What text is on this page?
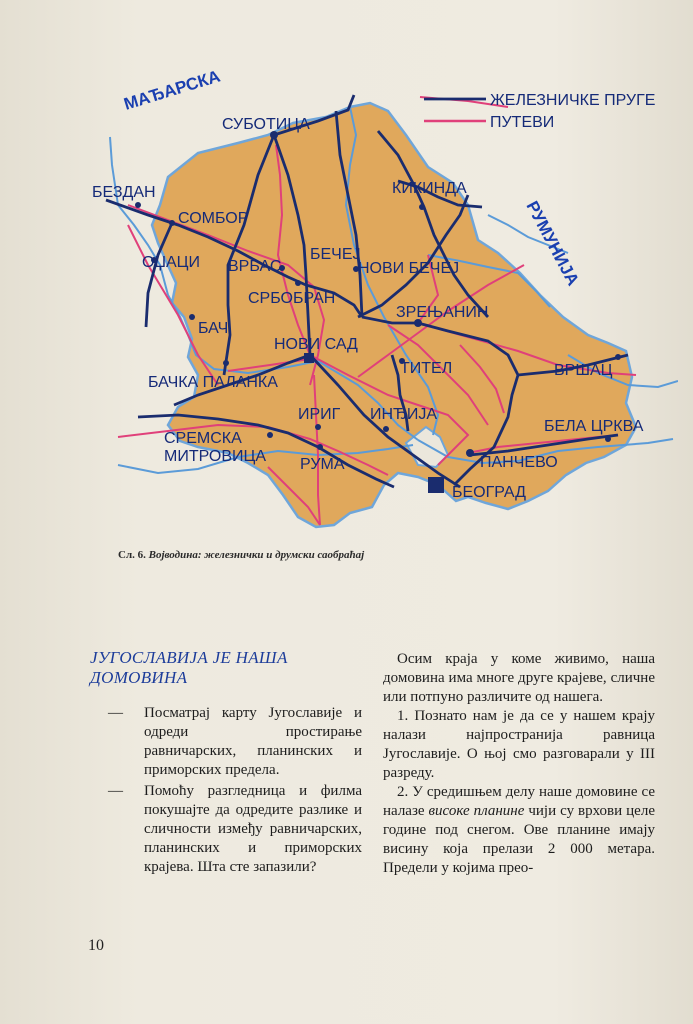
ЖЕЛЕЗНИЧКЕ ПРУГЕ
ПУТЕВИ
МАЂАРСКА
РУМУНИЈА
СУБОТИЦА
БЕЗДАН
СОМБОР
ОЏАЦИ ВРБАС
БЕЧЕЈ
НОВИ БЕЧЕЈ
КИКИНДА
СРБОБРАН
ЗРЕЊАНИН
БАЧ
НОВИ САД
ТИТЕЛ	ВРШАЦ
БАЧКА ПАЛАНКА
ИРИГ ИНЂИЈА
БЕЛА ЦРКВА
СРЕМСКА
МИТРОВИЦА РУМА	ПАНЧЕВО
БЕОГРАД
Сл. 6. Војводина: железнички и друмски саобраћај
ЈУГОСЛАВИЈА ЈЕ НАША
ДОМОВИНА
—	Посматрај карту Југославије и одреди простирање равничарских, планинских и приморских предела.
—	Помоћу разгледница и филма покушајте да одредите разлике и сличности између равничарских, планинских и приморских крајева. Шта сте запазили?
Осим краја у коме живимо, наша домовина има многе друге крајеве, сличне или потпуно различите од нашега.
1. Познато нам је да се у нашем крају налази најпространија равница Југославије. О њој смо разговарали у III разреду.
2. У средишњем делу наше домовине се налазе високе планине чији су врхови целе године под снегом. Ове планине имају висину која прелази 2 000 метара. Предели у којима прео-
10
